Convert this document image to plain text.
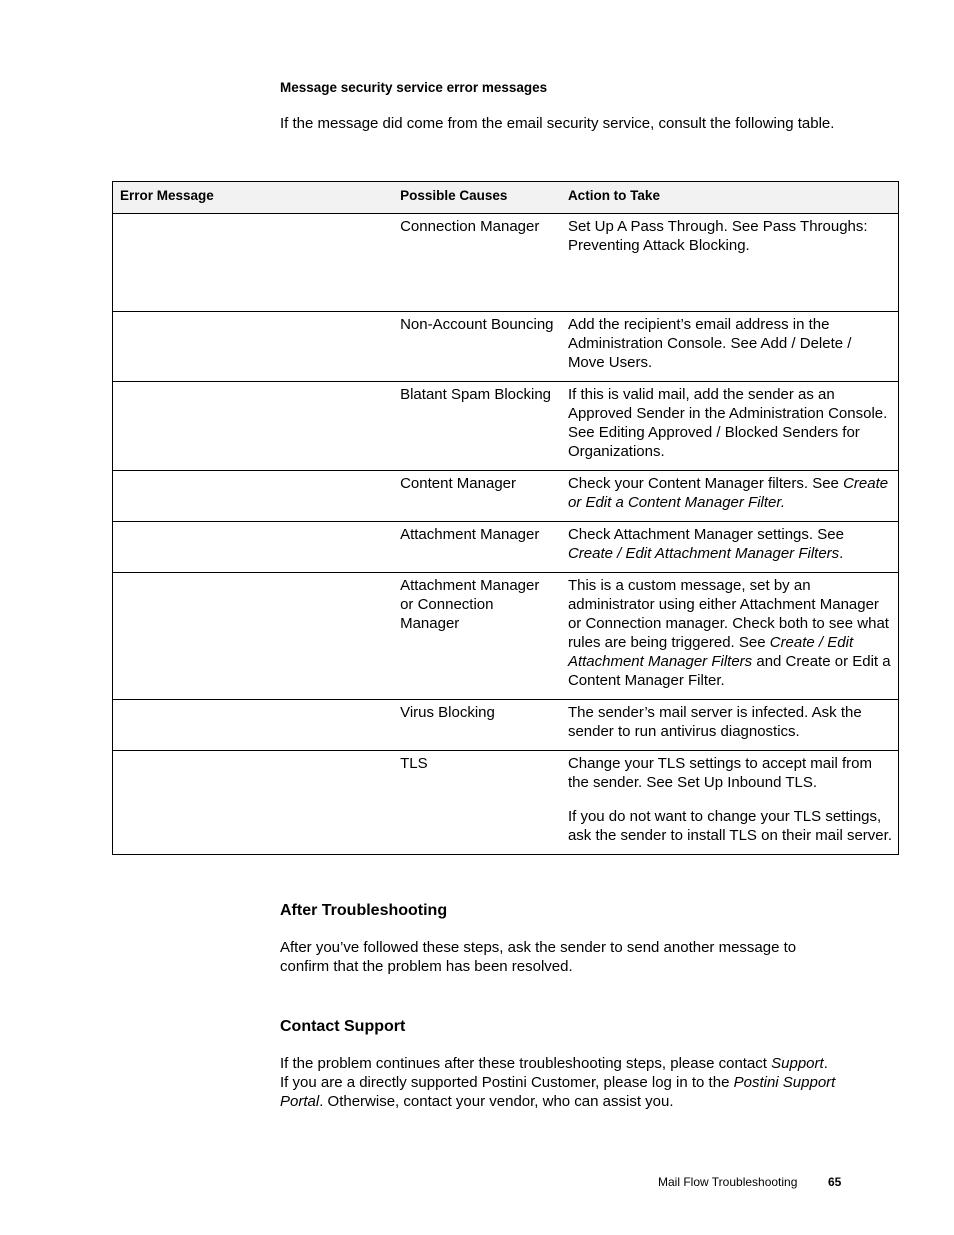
Message security service error messages

If the message did come from the email security service, consult the following table.

Error Message	Possible Causes	Action to Take
	Connection Manager	Set Up A Pass Through. See Pass Throughs: Preventing Attack Blocking.
	Non-Account Bouncing	Add the recipient’s email address in the Administration Console. See Add / Delete / Move Users.
	Blatant Spam Blocking	If this is valid mail, add the sender as an Approved Sender in the Administration Console. See Editing Approved / Blocked Senders for Organizations.
	Content Manager	Check your Content Manager filters. See Create or Edit a Content Manager Filter.
	Attachment Manager	Check Attachment Manager settings. See Create / Edit Attachment Manager Filters.
	Attachment Manager or Connection Manager	This is a custom message, set by an administrator using either Attachment Manager or Connection manager. Check both to see what rules are being triggered. See Create / Edit Attachment Manager Filters and Create or Edit a Content Manager Filter.
	Virus Blocking	The sender’s mail server is infected. Ask the sender to run antivirus diagnostics.
	TLS	Change your TLS settings to accept mail from the sender. See Set Up Inbound TLS.
If you do not want to change your TLS settings, ask the sender to install TLS on their mail server.
After Troubleshooting

After you’ve followed these steps, ask the sender to send another message to confirm that the problem has been resolved.

Contact Support

If the problem continues after these troubleshooting steps, please contact Support. If you are a directly supported Postini Customer, please log in to the Postini Support Portal. Otherwise, contact your vendor, who can assist you.

Mail Flow Troubleshooting	65
